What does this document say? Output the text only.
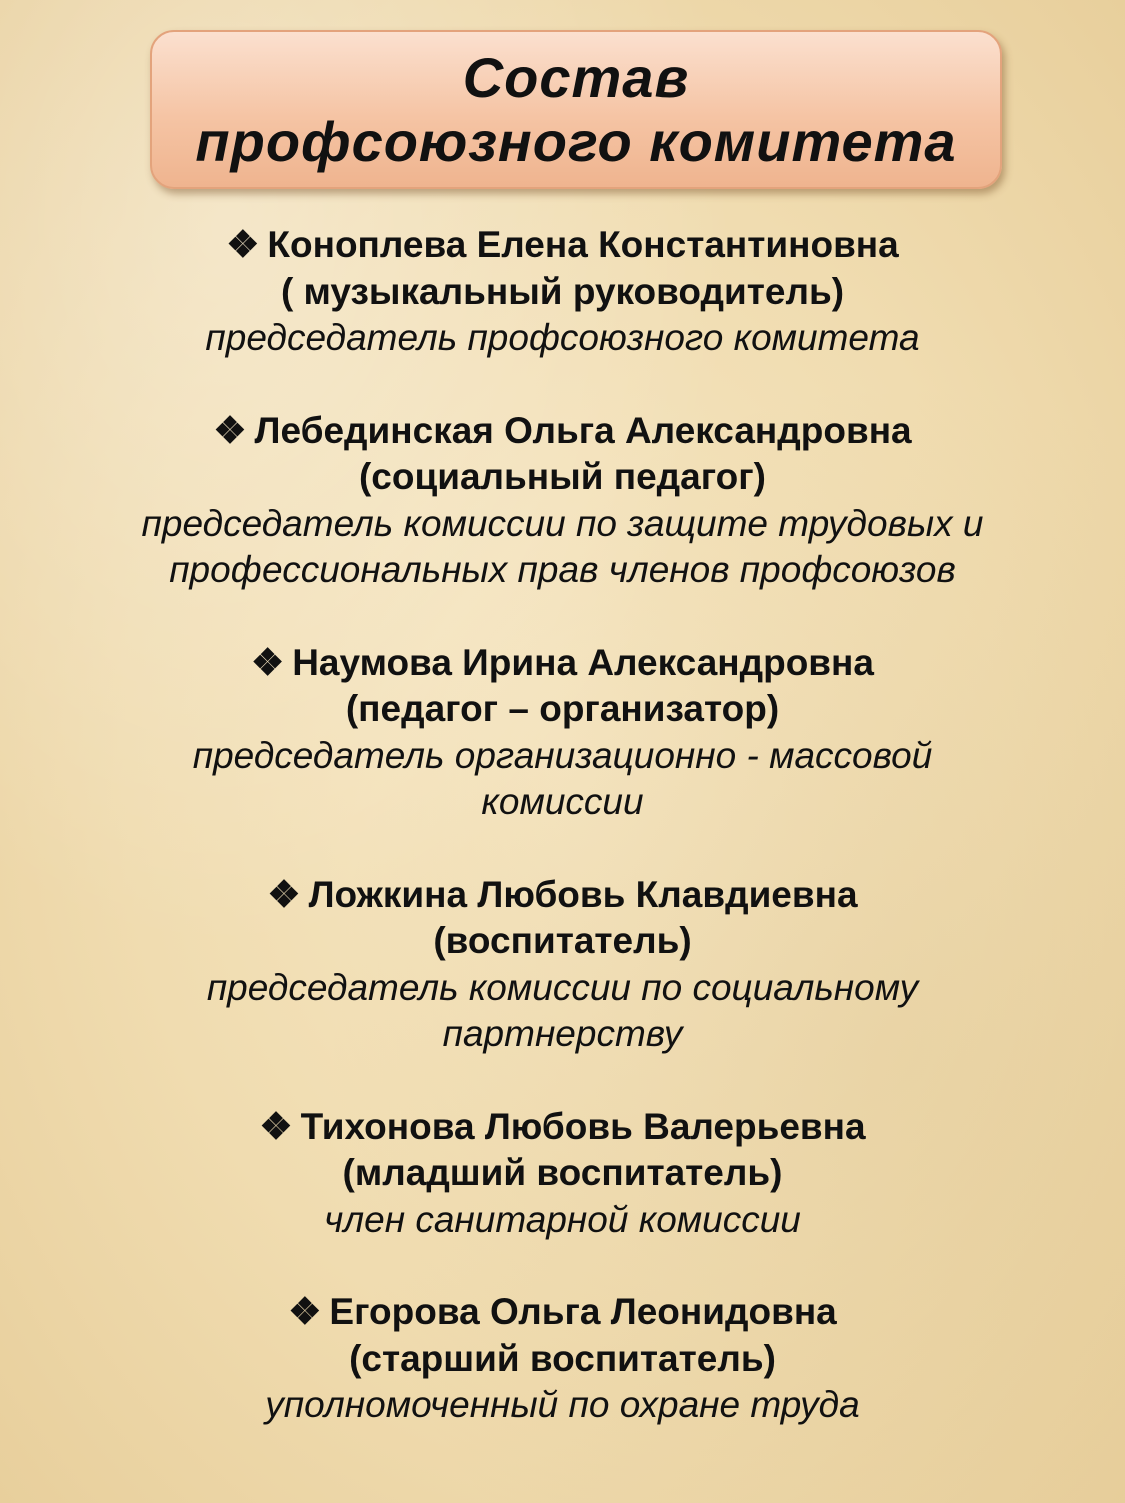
Состав
профсоюзного комитета
❖ Коноплева Елена Константиновна
( музыкальный руководитель)
председатель профсоюзного комитета
❖ Лебединская Ольга Александровна
(социальный педагог)
председатель комиссии по защите трудовых и
профессиональных прав членов профсоюзов
❖ Наумова Ирина Александровна
(педагог – организатор)
председатель организационно - массовой
комиссии
❖ Ложкина Любовь Клавдиевна
(воспитатель)
председатель комиссии по социальному
партнерству
❖ Тихонова Любовь Валерьевна
(младший воспитатель)
член санитарной комиссии
❖ Егорова Ольга Леонидовна
(старший воспитатель)
уполномоченный по охране труда
